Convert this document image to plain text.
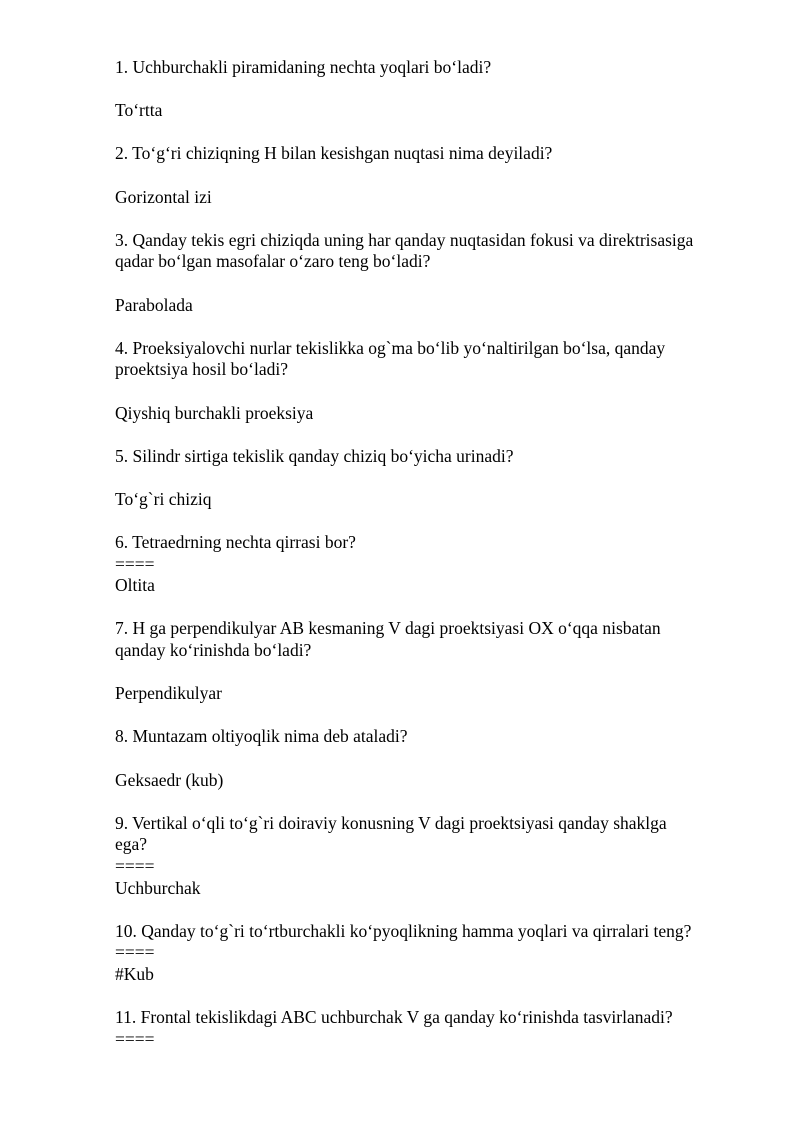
1. Uchburchakli piramidaning nechta yoqlari bo‘ladi?
To‘rtta
2. To‘g‘ri chiziqning H bilan kesishgan nuqtasi nima deyiladi?
Gorizontal izi
3. Qanday tekis egri chiziqda uning har qanday nuqtasidan fokusi va direktrisasiga
qadar bo‘lgan masofalar o‘zaro teng bo‘ladi?
Parabolada
4. Proeksiyalovchi nurlar tekislikka og`ma bo‘lib yo‘naltirilgan bo‘lsa, qanday
proektsiya hosil bo‘ladi?
Qiyshiq burchakli proeksiya
5. Silindr sirtiga tekislik qanday chiziq bo‘yicha urinadi?
To‘g`ri chiziq
6. Tetraedrning nechta qirrasi bor?
====
Oltita
7. H ga perpendikulyar AB kesmaning V dagi proektsiyasi OX o‘qqa nisbatan
qanday ko‘rinishda bo‘ladi?
Perpendikulyar
8. Muntazam oltiyoqlik nima deb ataladi?
Geksaedr (kub)
9. Vertikal o‘qli to‘g`ri doiraviy konusning V dagi proektsiyasi qanday shaklga
ega?
====
Uchburchak
10. Qanday to‘g`ri to‘rtburchakli ko‘pyoqlikning hamma yoqlari va qirralari teng?
====
#Kub
11. Frontal tekislikdagi ABC uchburchak V ga qanday ko‘rinishda tasvirlanadi?
====
